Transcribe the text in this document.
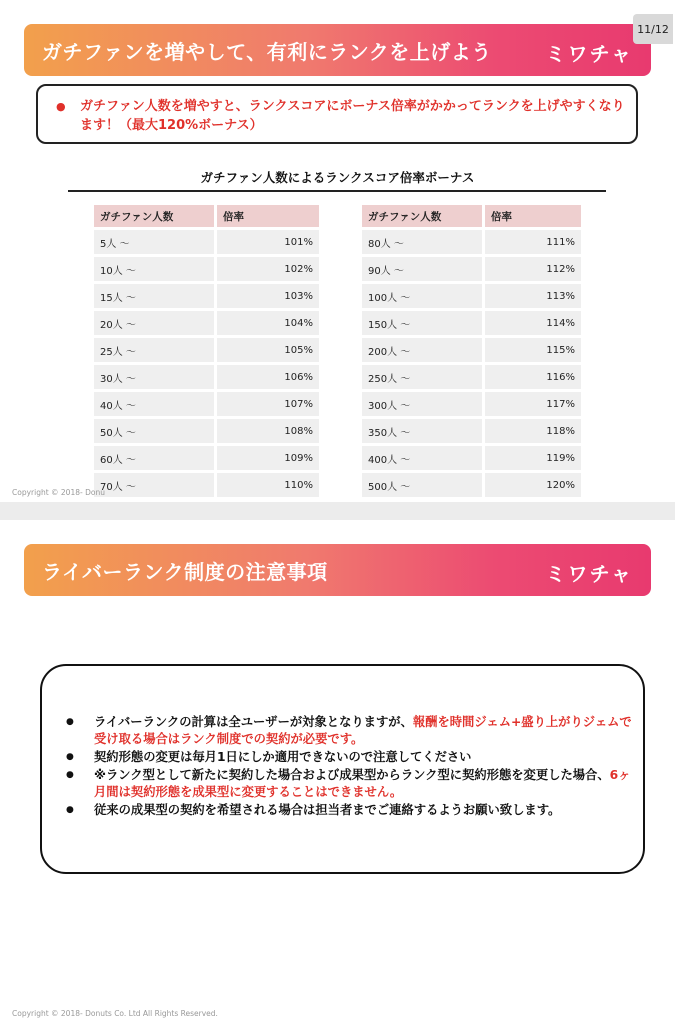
11/12
ガチファンを増やして、有利にランクを上げよう	ミワチャ
● ガチファン人数を増やすと、ランクスコアにボーナス倍率がかかってランクを上げやすくなります！（最大120%ボーナス）
ガチファン人数によるランクスコア倍率ボーナス
ガチファン人数		倍率
5人 〜		101%
10人 〜		102%
15人 〜		103%
20人 〜		104%
25人 〜		105%
30人 〜		106%
40人 〜		107%
50人 〜		108%
60人 〜		109%
70人 〜		110%
ガチファン人数		倍率
80人 〜		111%
90人 〜		112%
100人 〜		113%
150人 〜		114%
200人 〜		115%
250人 〜		116%
300人 〜		117%
350人 〜		118%
400人 〜		119%
500人 〜		120%
Copyright © 2018- Donu
ライバーランク制度の注意事項	ミワチャ
● ライバーランクの計算は全ユーザーが対象となりますが、報酬を時間ジェム+盛り上がりジェムで受け取る場合はランク制度での契約が必要です。
● 契約形態の変更は毎月1日にしか適用できないので注意してください
● ※ランク型として新たに契約した場合および成果型からランク型に契約形態を変更した場合、6ヶ月間は契約形態を成果型に変更することはできません。
● 従来の成果型の契約を希望される場合は担当者までご連絡するようお願い致します。
Copyright © 2018- Donuts Co. Ltd All Rights Reserved.
